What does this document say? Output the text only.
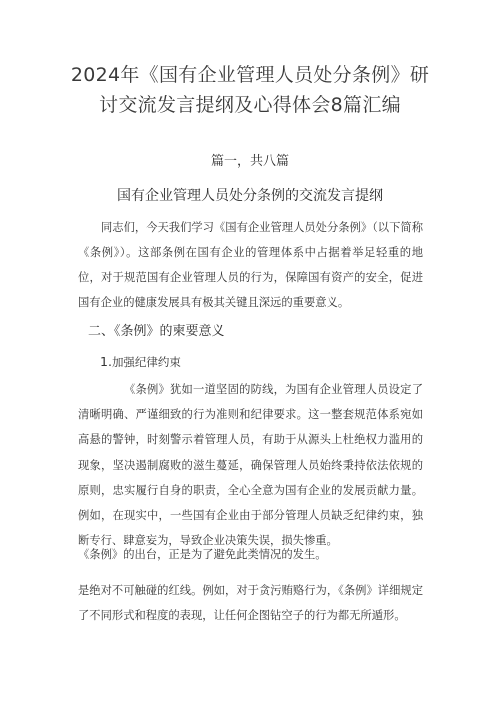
2024年《国有企业管理人员处分条例》研
讨交流发言提纲及心得体会8篇汇编
篇一，共八篇
国有企业管理人员处分条例的交流发言提纲

同志们，今天我们学习《国有企业管理人员处分条例》（以下简称《条例》）。这部条例在国有企业的管理体系中占据着举足轻重的地位，对于规范国有企业管理人员的行为，保障国有资产的安全，促进国有企业的健康发展具有极其关键且深远的重要意义。

二、《条例》的柬要意义
1.加强纪律约束

《条例》犹如一道坚固的防线，为国有企业管理人员设定了清晰明确、严谨细致的行为准则和纪律要求。这一整套规范体系宛如高悬的警钟，时刻警示着管理人员，有助于从源头上杜绝权力滥用的现象，坚决遏制腐败的滋生蔓延，确保管理人员始终秉持依法依规的原则，忠实履行自身的职责，全心全意为国有企业的发展贡献力量。例如，在现实中，一些国有企业由于部分管理人员缺乏纪律约束，独断专行、肆意妄为，导致企业决策失误，损失惨重。

《条例》的出台，正是为了避免此类情况的发生。

是绝对不可触碰的红线。例如，对于贪污贿赂行为，《条例》详细规定了不同形式和程度的表现，让任何企图钻空子的行为都无所遁形。
